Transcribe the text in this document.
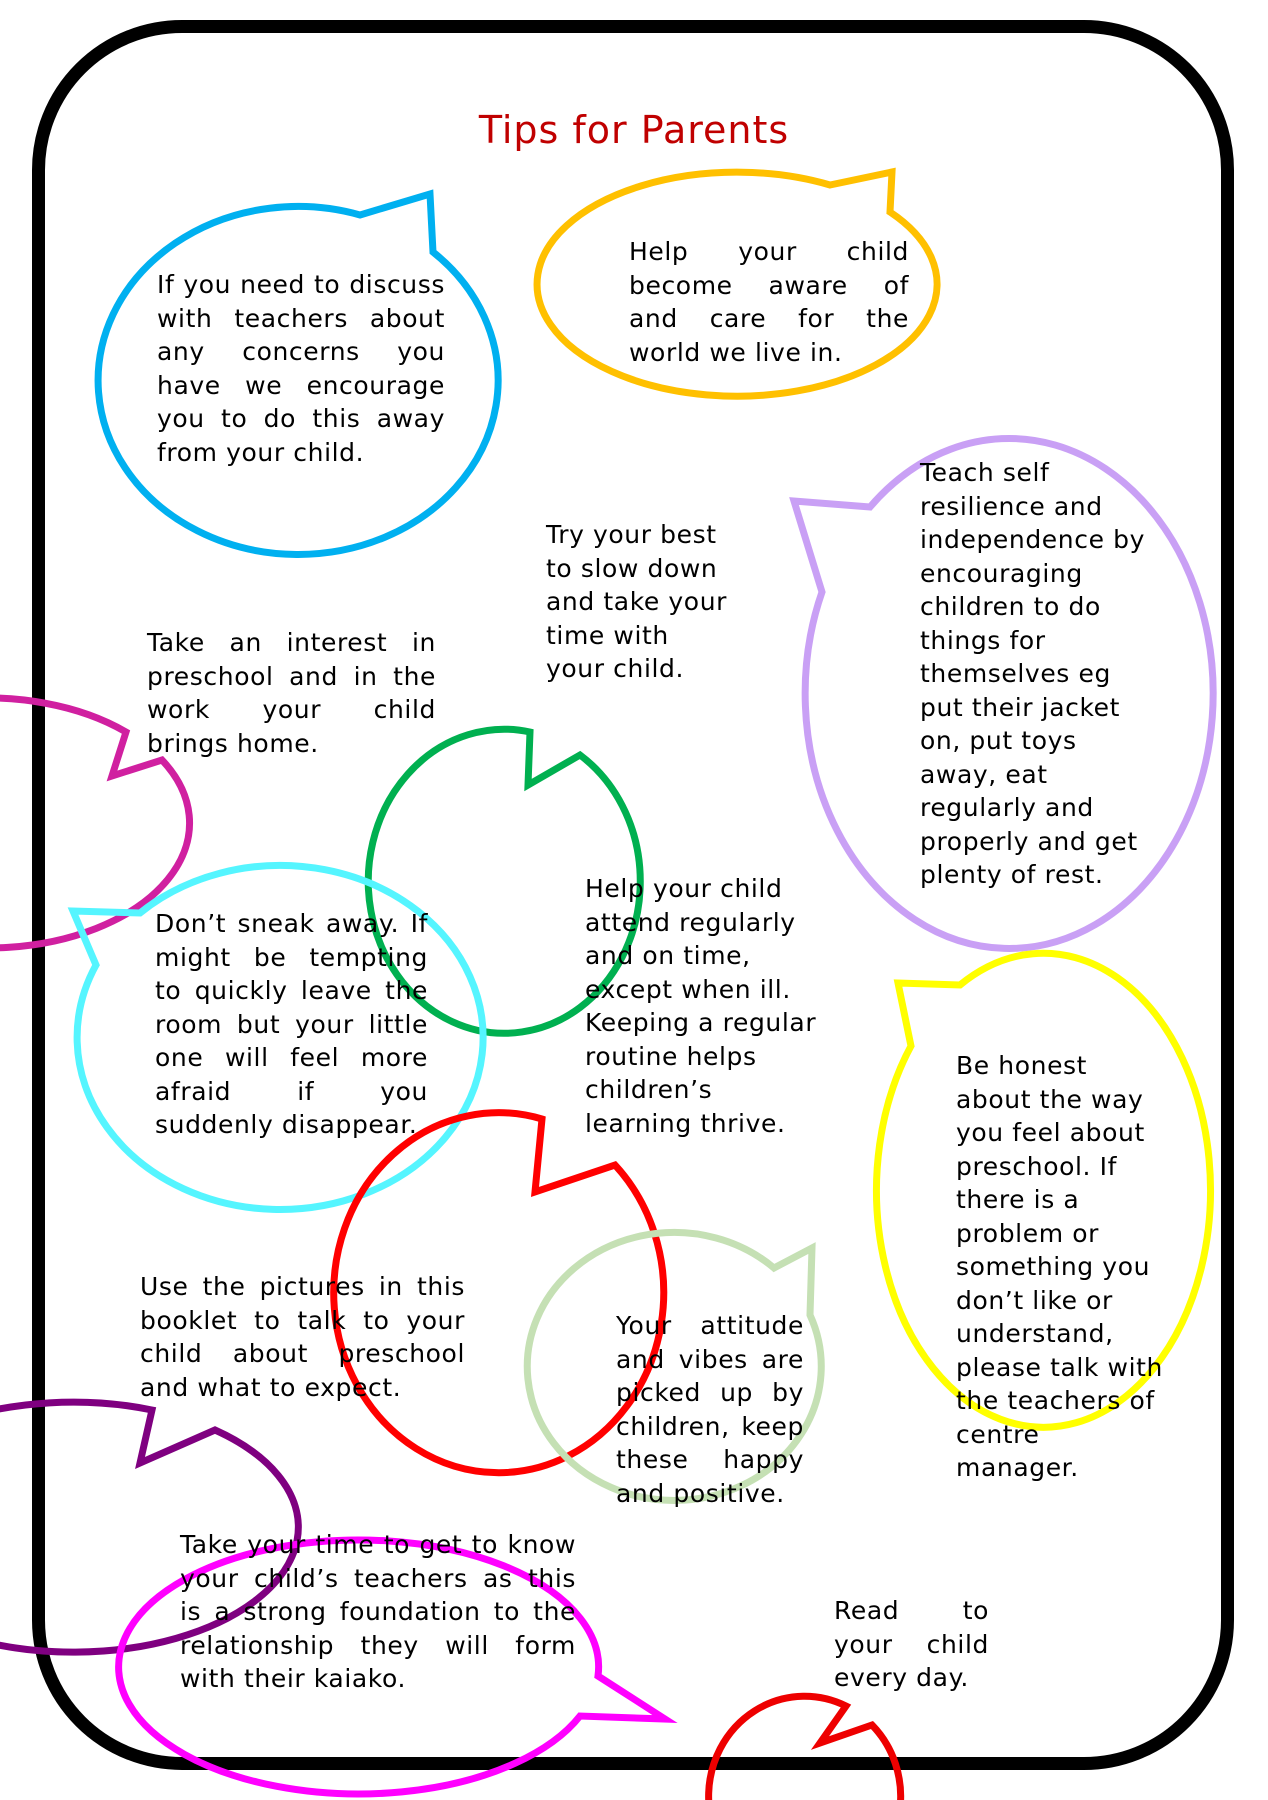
Tips for Parents

If you need to discuss with teachers about any concerns you have we encourage you to do this away from your child.

Help your child become aware of and care for the world we live in.

Try your best to slow down and take your time with your child.

Teach self resilience and independence by encouraging children to do things for themselves eg put their jacket on, put toys away, eat regularly and properly and get plenty of rest.

Take an interest in preschool and in the work your child brings home.

Don’t sneak away. If might be tempting to quickly leave the room but your little one will feel more afraid if you suddenly disappear.

Help your child attend regularly and on time, except when ill. Keeping a regular routine helps children’s learning thrive.

Be honest about the way you feel about preschool. If there is a problem or something you don’t like or understand, please talk with the teachers of centre manager.

Use the pictures in this booklet to talk to your child about preschool and what to expect.

Your attitude and vibes are picked up by children, keep these happy and positive.

Take your time to get to know your child’s teachers as this is a strong foundation to the relationship they will form with their kaiako.

Read to your child every day.
